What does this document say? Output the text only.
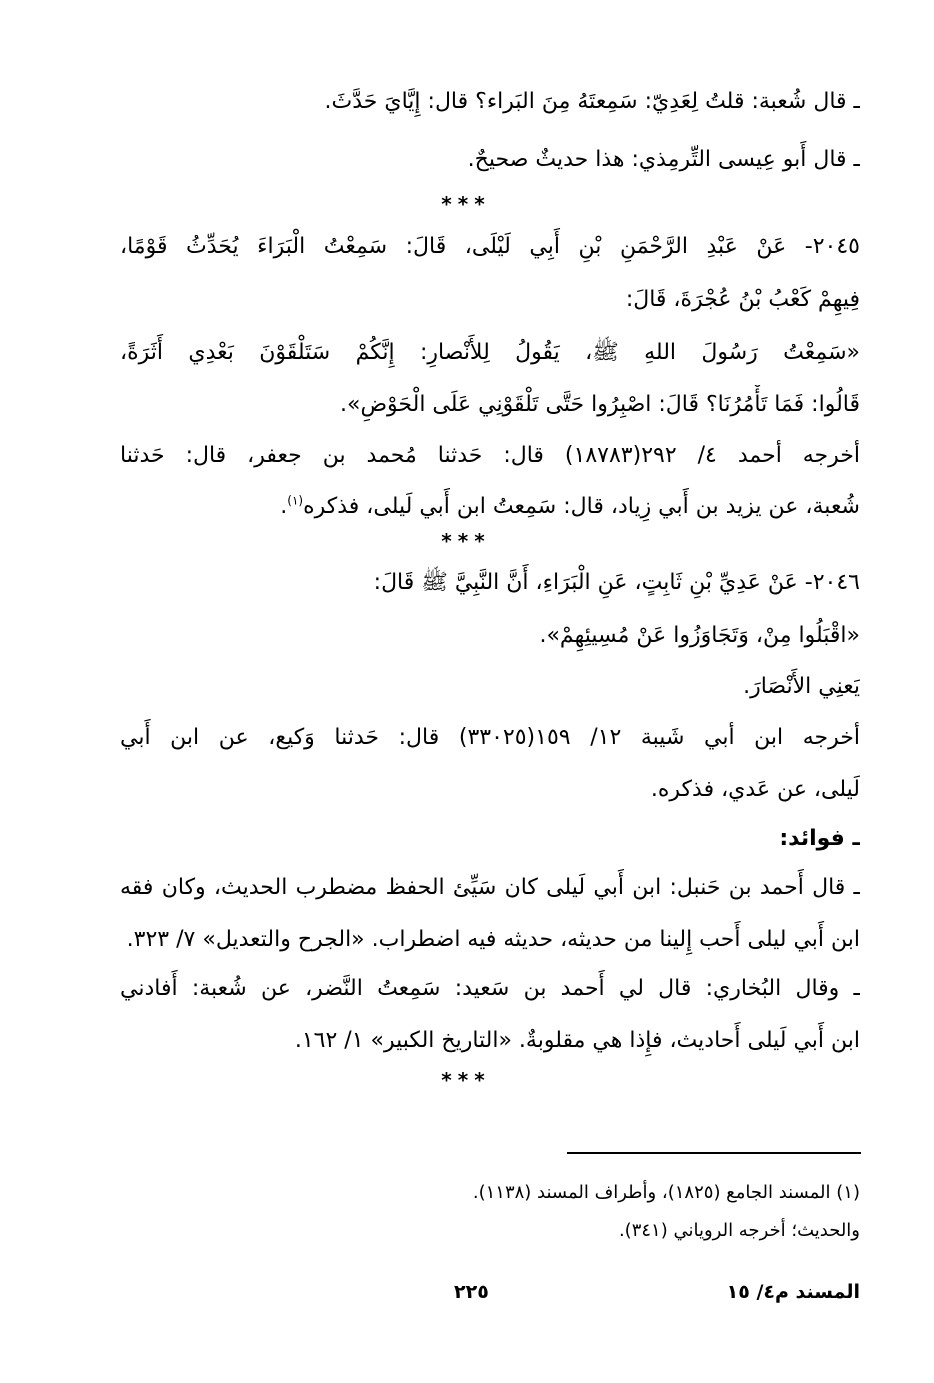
ـ قال شُعبة: قلتُ لِعَدِيّ: سَمِعتَهُ مِنَ البَراء؟ قال: إِيَّايَ حَدَّثَ.
ـ قال أَبو عِيسى التِّرمِذي: هذا حديثٌ صحيحٌ.
***
٢٠٤٥- عَنْ عَبْدِ الرَّحْمَنِ بْنِ أَبِي لَيْلَى، قَالَ: سَمِعْتُ الْبَرَاءَ يُحَدِّثُ قَوْمًا،
فِيهِمْ كَعْبُ بْنُ عُجْرَةَ، قَالَ:
«سَمِعْتُ رَسُولَ اللهِ ﷺ، يَقُولُ لِلأَنْصارِ: إِنَّكُمْ سَتَلْقَوْنَ بَعْدِي أَثَرَةً،
قَالُوا: فَمَا تَأْمُرُنَا؟ قَالَ: اصْبِرُوا حَتَّى تَلْقَوْنِي عَلَى الْحَوْضِ».
أخرجه أحمد ٤/ ٢٩٢(١٨٧٨٣) قال: حَدثنا مُحمد بن جعفر، قال: حَدثنا
شُعبة، عن يزيد بن أَبي زِياد، قال: سَمِعتُ ابن أَبي لَيلى، فذكره$^{(١)}$.
***
٢٠٤٦- عَنْ عَدِيِّ بْنِ ثَابِتٍ، عَنِ الْبَرَاءِ، أَنَّ النَّبِيَّ ﷺ قَالَ:
«اقْبَلُوا مِنْ، وَتَجَاوَزُوا عَنْ مُسِيئِهِمْ».
يَعنِي الأَنْصَارَ.
أخرجه ابن أبي شَيبة ١٢/ ١٥٩(٣٣٠٢٥) قال: حَدثنا وَكيع، عن ابن أَبي
لَيلى، عن عَدي، فذكره.
ـ فوائد:
ـ قال أَحمد بن حَنبل: ابن أَبي لَيلى كان سَيِّئ الحفظ مضطرب الحديث، وكان فقه
ابن أَبي ليلى أَحب إِلينا من حديثه، حديثه فيه اضطراب. «الجرح والتعديل» ٧/ ٣٢٣.
ـ وقال البُخاري: قال لي أَحمد بن سَعيد: سَمِعتُ النَّضر، عن شُعبة: أَفادني
ابن أَبي لَيلى أَحاديث، فإِذا هي مقلوبةٌ. «التاريخ الكبير» ١/ ١٦٢.
***
(١) المسند الجامع (١٨٢٥)، وأطراف المسند (١١٣٨).
والحديث؛ أخرجه الروياني (٣٤١).
٢٢٥	المسند م٤/ ١٥
